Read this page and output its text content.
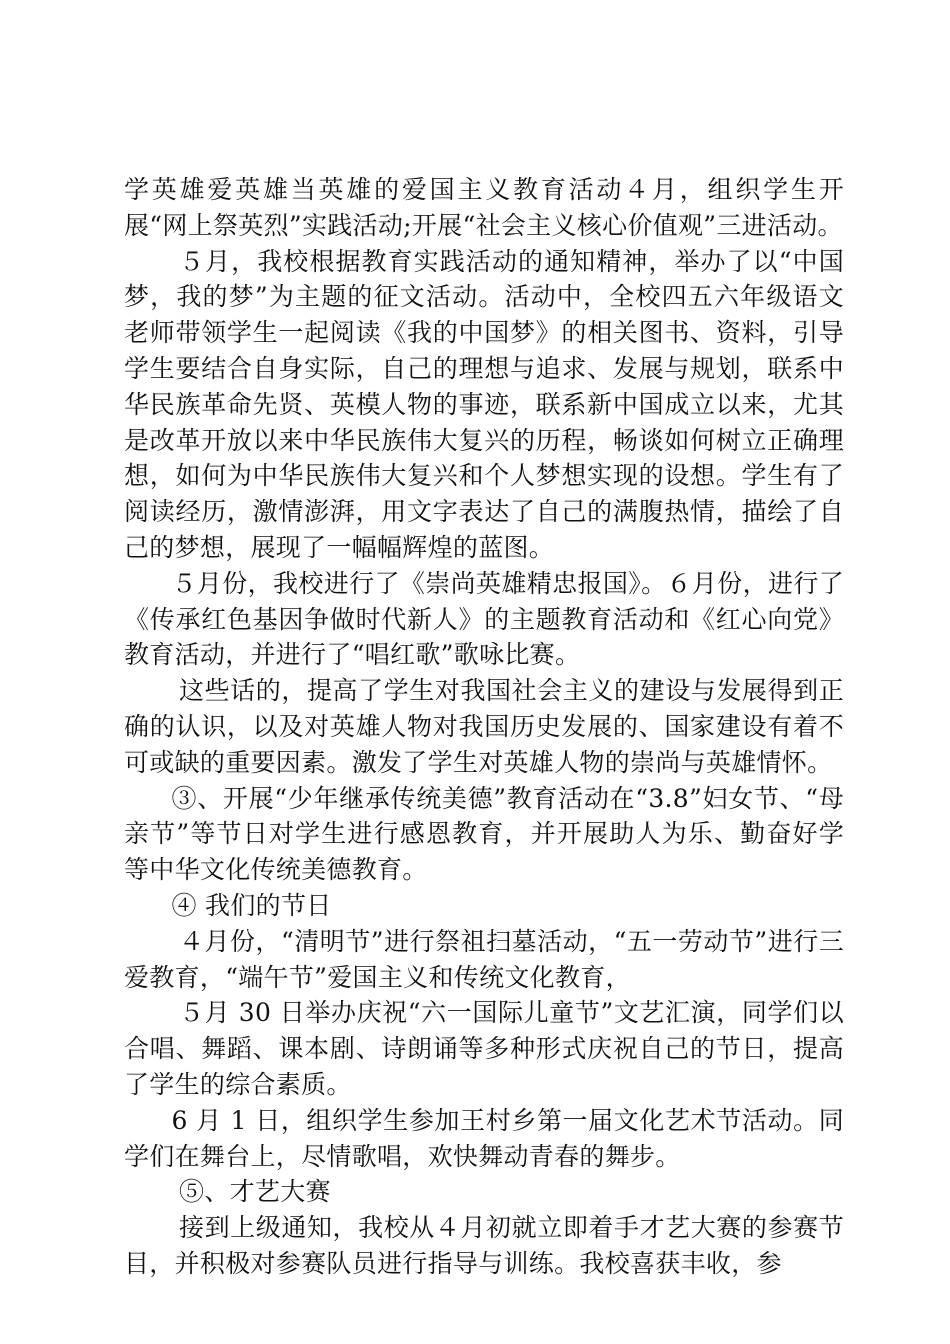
学英雄爱英雄当英雄的爱国主义教育活动４月，组织学生开展“网上祭英烈”实践活动;开展“社会主义核心价值观”三进活动。

５月，我校根据教育实践活动的通知精神，举办了以“中国梦，我的梦”为主题的征文活动。活动中，全校四五六年级语文老师带领学生一起阅读《我的中国梦》的相关图书、资料，引导学生要结合自身实际，自己的理想与追求、发展与规划，联系中华民族革命先贤、英模人物的事迹，联系新中国成立以来，尤其是改革开放以来中华民族伟大复兴的历程，畅谈如何树立正确理想，如何为中华民族伟大复兴和个人梦想实现的设想。学生有了阅读经历，激情澎湃，用文字表达了自己的满腹热情，描绘了自己的梦想，展现了一幅幅辉煌的蓝图。

５月份，我校进行了《崇尚英雄精忠报国》。６月份，进行了《传承红色基因争做时代新人》的主题教育活动和《红心向党》教育活动，并进行了“唱红歌”歌咏比赛。

这些话的，提高了学生对我国社会主义的建设与发展得到正确的认识，以及对英雄人物对我国历史发展的、国家建设有着不可或缺的重要因素。激发了学生对英雄人物的崇尚与英雄情怀。

③、开展“少年继承传统美德”教育活动在“3.8”妇女节、“母亲节”等节日对学生进行感恩教育，并开展助人为乐、勤奋好学等中华文化传统美德教育。

④ 我们的节日

４月份，“清明节”进行祭祖扫墓活动，“五一劳动节”进行三爱教育，“端午节”爱国主义和传统文化教育，

５月 30 日举办庆祝“六一国际儿童节”文艺汇演，同学们以合唱、舞蹈、课本剧、诗朗诵等多种形式庆祝自己的节日，提高了学生的综合素质。

6 月 1 日，组织学生参加王村乡第一届文化艺术节活动。同学们在舞台上，尽情歌唱，欢快舞动青春的舞步。

⑤、才艺大赛

接到上级通知，我校从４月初就立即着手才艺大赛的参赛节目，并积极对参赛队员进行指导与训练。我校喜获丰收，参
